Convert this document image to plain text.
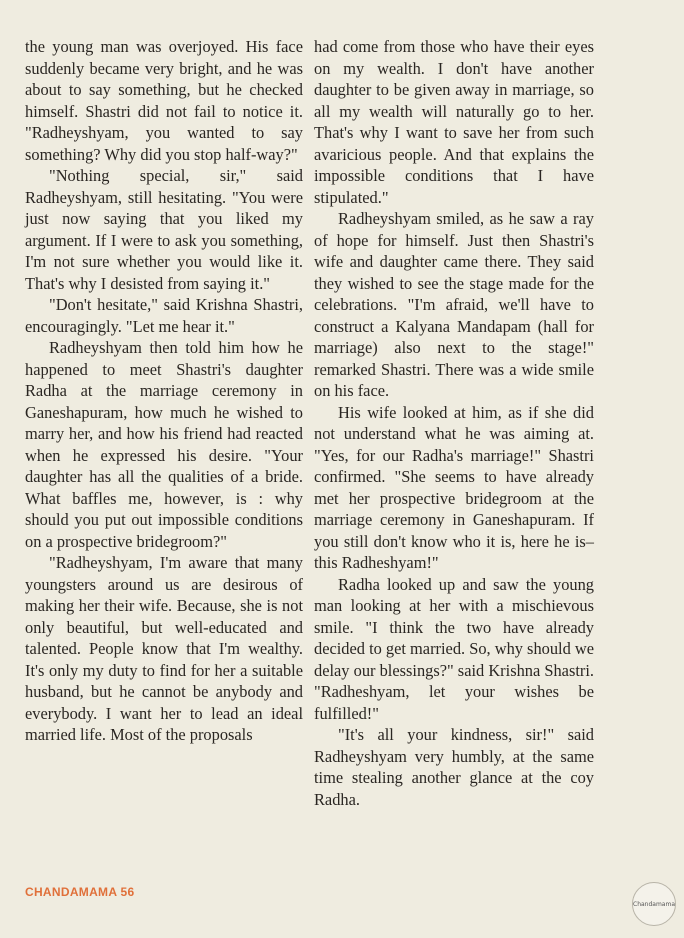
the young man was overjoyed. His face suddenly became very bright, and he was about to say something, but he checked himself. Shastri did not fail to notice it. "Radheyshyam, you wanted to say something? Why did you stop half-way?"

"Nothing special, sir," said Radheyshyam, still hesitating. "You were just now saying that you liked my argument. If I were to ask you something, I'm not sure whether you would like it. That's why I desisted from saying it."

"Don't hesitate," said Krishna Shastri, encouragingly. "Let me hear it."

Radheyshyam then told him how he happened to meet Shastri's daughter Radha at the marriage ceremony in Ganeshapuram, how much he wished to marry her, and how his friend had reacted when he expressed his desire. "Your daughter has all the qualities of a bride. What baffles me, however, is : why should you put out impossible conditions on a prospective bridegroom?"

"Radheyshyam, I'm aware that many youngsters around us are desirous of making her their wife. Because, she is not only beautiful, but well-educated and talented. People know that I'm wealthy. It's only my duty to find for her a suitable husband, but he cannot be anybody and everybody. I want her to lead an ideal married life. Most of the proposals

had come from those who have their eyes on my wealth. I don't have another daughter to be given away in marriage, so all my wealth will naturally go to her. That's why I want to save her from such avaricious people. And that explains the impossible conditions that I have stipulated."

Radheyshyam smiled, as he saw a ray of hope for himself. Just then Shastri's wife and daughter came there. They said they wished to see the stage made for the celebrations. "I'm afraid, we'll have to construct a Kalyana Mandapam (hall for marriage) also next to the stage!" remarked Shastri. There was a wide smile on his face.

His wife looked at him, as if she did not understand what he was aiming at. "Yes, for our Radha's marriage!" Shastri confirmed. "She seems to have already met her prospective bridegroom at the marriage ceremony in Ganeshapuram. If you still don't know who it is, here he is–this Radheshyam!"

Radha looked up and saw the young man looking at her with a mischievous smile. "I think the two have already decided to get married. So, why should we delay our blessings?" said Krishna Shastri. "Radheshyam, let your wishes be fulfilled!"

"It's all your kindness, sir!" said Radheyshyam very humbly, at the same time stealing another glance at the coy Radha.

CHANDAMAMA 56
Chandamama
